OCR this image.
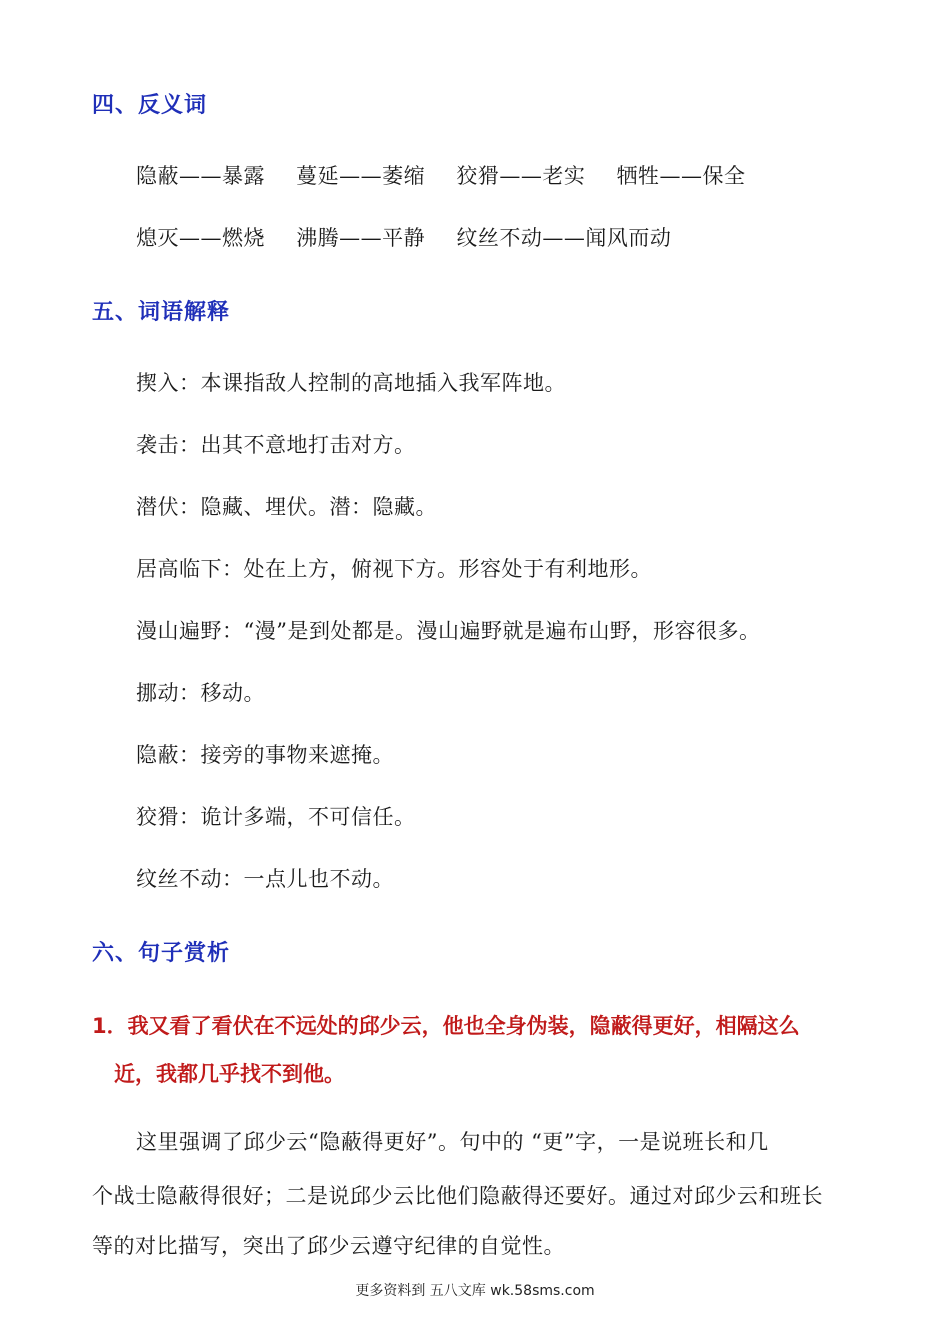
四、反义词
隐蔽——暴露 蔓延——萎缩 狡猾——老实 牺牲——保全
熄灭——燃烧 沸腾——平静 纹丝不动——闻风而动
五、词语解释
揳入：本课指敌人控制的高地插入我军阵地。
袭击：出其不意地打击对方。
潜伏：隐藏、埋伏。潜：隐藏。
居高临下：处在上方，俯视下方。形容处于有利地形。
漫山遍野：“漫”是到处都是。漫山遍野就是遍布山野，形容很多。
挪动：移动。
隐蔽：接旁的事物来遮掩。
狡猾：诡计多端，不可信任。
纹丝不动：一点儿也不动。
六、句子赏析
1．我又看了看伏在不远处的邱少云，他也全身伪装，隐蔽得更好，相隔这么
近，我都几乎找不到他。
这里强调了邱少云“隐蔽得更好”。句中的 “更”字，一是说班长和几
个战士隐蔽得很好；二是说邱少云比他们隐蔽得还要好。通过对邱少云和班长
等的对比描写，突出了邱少云遵守纪律的自觉性。
更多资料到 五八文库 wk.58sms.com
